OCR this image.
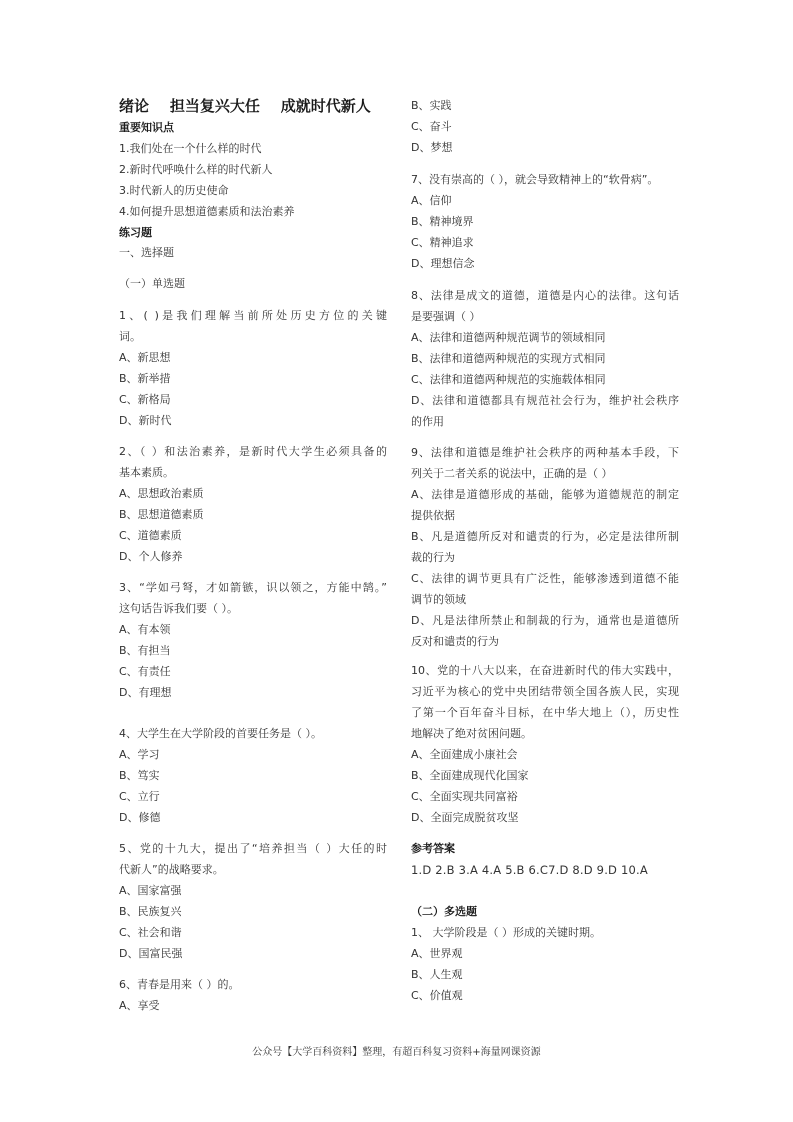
绪论    担当复兴大任    成就时代新人
重要知识点
1.我们处在一个什么样的时代
2.新时代呼唤什么样的时代新人
3.时代新人的历史使命
4.如何提升思想道德素质和法治素养
练习题
一、选择题
（一）单选题
1、( )是我们理解当前所处历史方位的关键
词。
A、新思想
B、新举措
C、新格局
D、新时代
2、（ ）和法治素养，是新时代大学生必须具备的
基本素质。
A、思想政治素质
B、思想道德素质
C、道德素质
D、个人修养
3、“学如弓弩，才如箭镞，识以领之，方能中鹄。”
这句话告诉我们要（ ）。
A、有本领
B、有担当
C、有责任
D、有理想
4、大学生在大学阶段的首要任务是（ ）。
A、学习
B、笃实
C、立行
D、修德
5、党的十九大，提出了“培养担当（ ）大任的时
代新人”的战略要求。
A、国家富强
B、民族复兴
C、社会和谐
D、国富民强
6、青春是用来（ ）的。
A、享受
B、实践
C、奋斗
D、梦想
7、没有崇高的（ ），就会导致精神上的“软骨病”。
A、信仰
B、精神境界
C、精神追求
D、理想信念
8、法律是成文的道德，道德是内心的法律。这句话
是要强调（ ）
A、法律和道德两种规范调节的领域相同
B、法律和道德两种规范的实现方式相同
C、法律和道德两种规范的实施载体相同
D、法律和道德都具有规范社会行为，维护社会秩序
的作用
9、法律和道德是维护社会秩序的两种基本手段，下
列关于二者关系的说法中，正确的是（ ）
A、法律是道德形成的基础，能够为道德规范的制定
提供依据
B、凡是道德所反对和谴责的行为，必定是法律所制
裁的行为
C、法律的调节更具有广泛性，能够渗透到道德不能
调节的领域
D、凡是法律所禁止和制裁的行为，通常也是道德所
反对和谴责的行为
10、党的十八大以来，在奋进新时代的伟大实践中，
习近平为核心的党中央团结带领全国各族人民，实现
了第一个百年奋斗目标，在中华大地上（），历史性
地解决了绝对贫困问题。
A、全面建成小康社会
B、全面建成现代化国家
C、全面实现共同富裕
D、全面完成脱贫攻坚
参考答案
1.D 2.B 3.A 4.A 5.B 6.C7.D 8.D 9.D 10.A
（二）多选题
1、 大学阶段是（ ）形成的关键时期。
A、世界观
B、人生观
C、价值观
公众号【大学百科资料】整理，有超百科复习资料+海量网课资源
